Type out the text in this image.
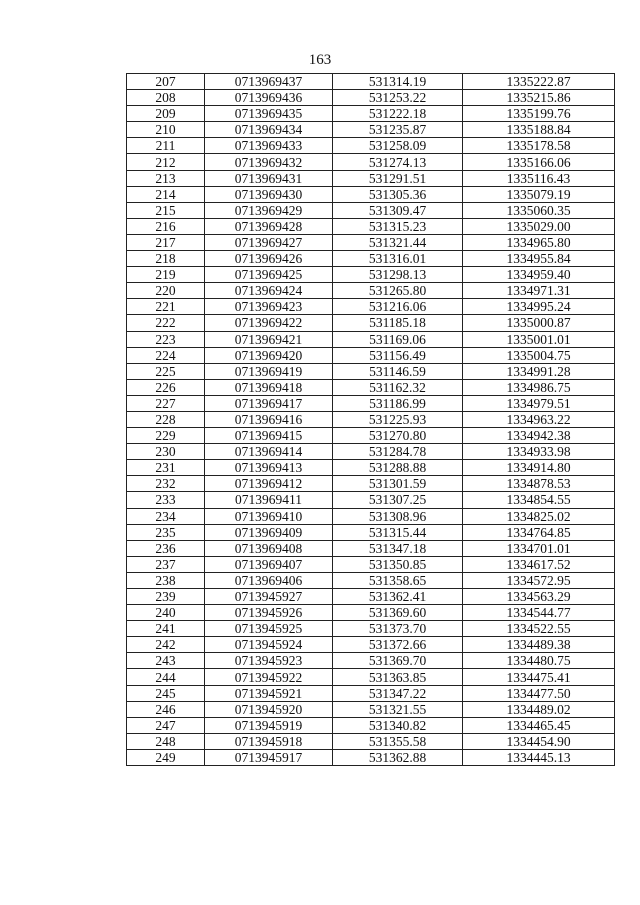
163
207	0713969437	531314.19	1335222.87
208	0713969436	531253.22	1335215.86
209	0713969435	531222.18	1335199.76
210	0713969434	531235.87	1335188.84
211	0713969433	531258.09	1335178.58
212	0713969432	531274.13	1335166.06
213	0713969431	531291.51	1335116.43
214	0713969430	531305.36	1335079.19
215	0713969429	531309.47	1335060.35
216	0713969428	531315.23	1335029.00
217	0713969427	531321.44	1334965.80
218	0713969426	531316.01	1334955.84
219	0713969425	531298.13	1334959.40
220	0713969424	531265.80	1334971.31
221	0713969423	531216.06	1334995.24
222	0713969422	531185.18	1335000.87
223	0713969421	531169.06	1335001.01
224	0713969420	531156.49	1335004.75
225	0713969419	531146.59	1334991.28
226	0713969418	531162.32	1334986.75
227	0713969417	531186.99	1334979.51
228	0713969416	531225.93	1334963.22
229	0713969415	531270.80	1334942.38
230	0713969414	531284.78	1334933.98
231	0713969413	531288.88	1334914.80
232	0713969412	531301.59	1334878.53
233	0713969411	531307.25	1334854.55
234	0713969410	531308.96	1334825.02
235	0713969409	531315.44	1334764.85
236	0713969408	531347.18	1334701.01
237	0713969407	531350.85	1334617.52
238	0713969406	531358.65	1334572.95
239	0713945927	531362.41	1334563.29
240	0713945926	531369.60	1334544.77
241	0713945925	531373.70	1334522.55
242	0713945924	531372.66	1334489.38
243	0713945923	531369.70	1334480.75
244	0713945922	531363.85	1334475.41
245	0713945921	531347.22	1334477.50
246	0713945920	531321.55	1334489.02
247	0713945919	531340.82	1334465.45
248	0713945918	531355.58	1334454.90
249	0713945917	531362.88	1334445.13
